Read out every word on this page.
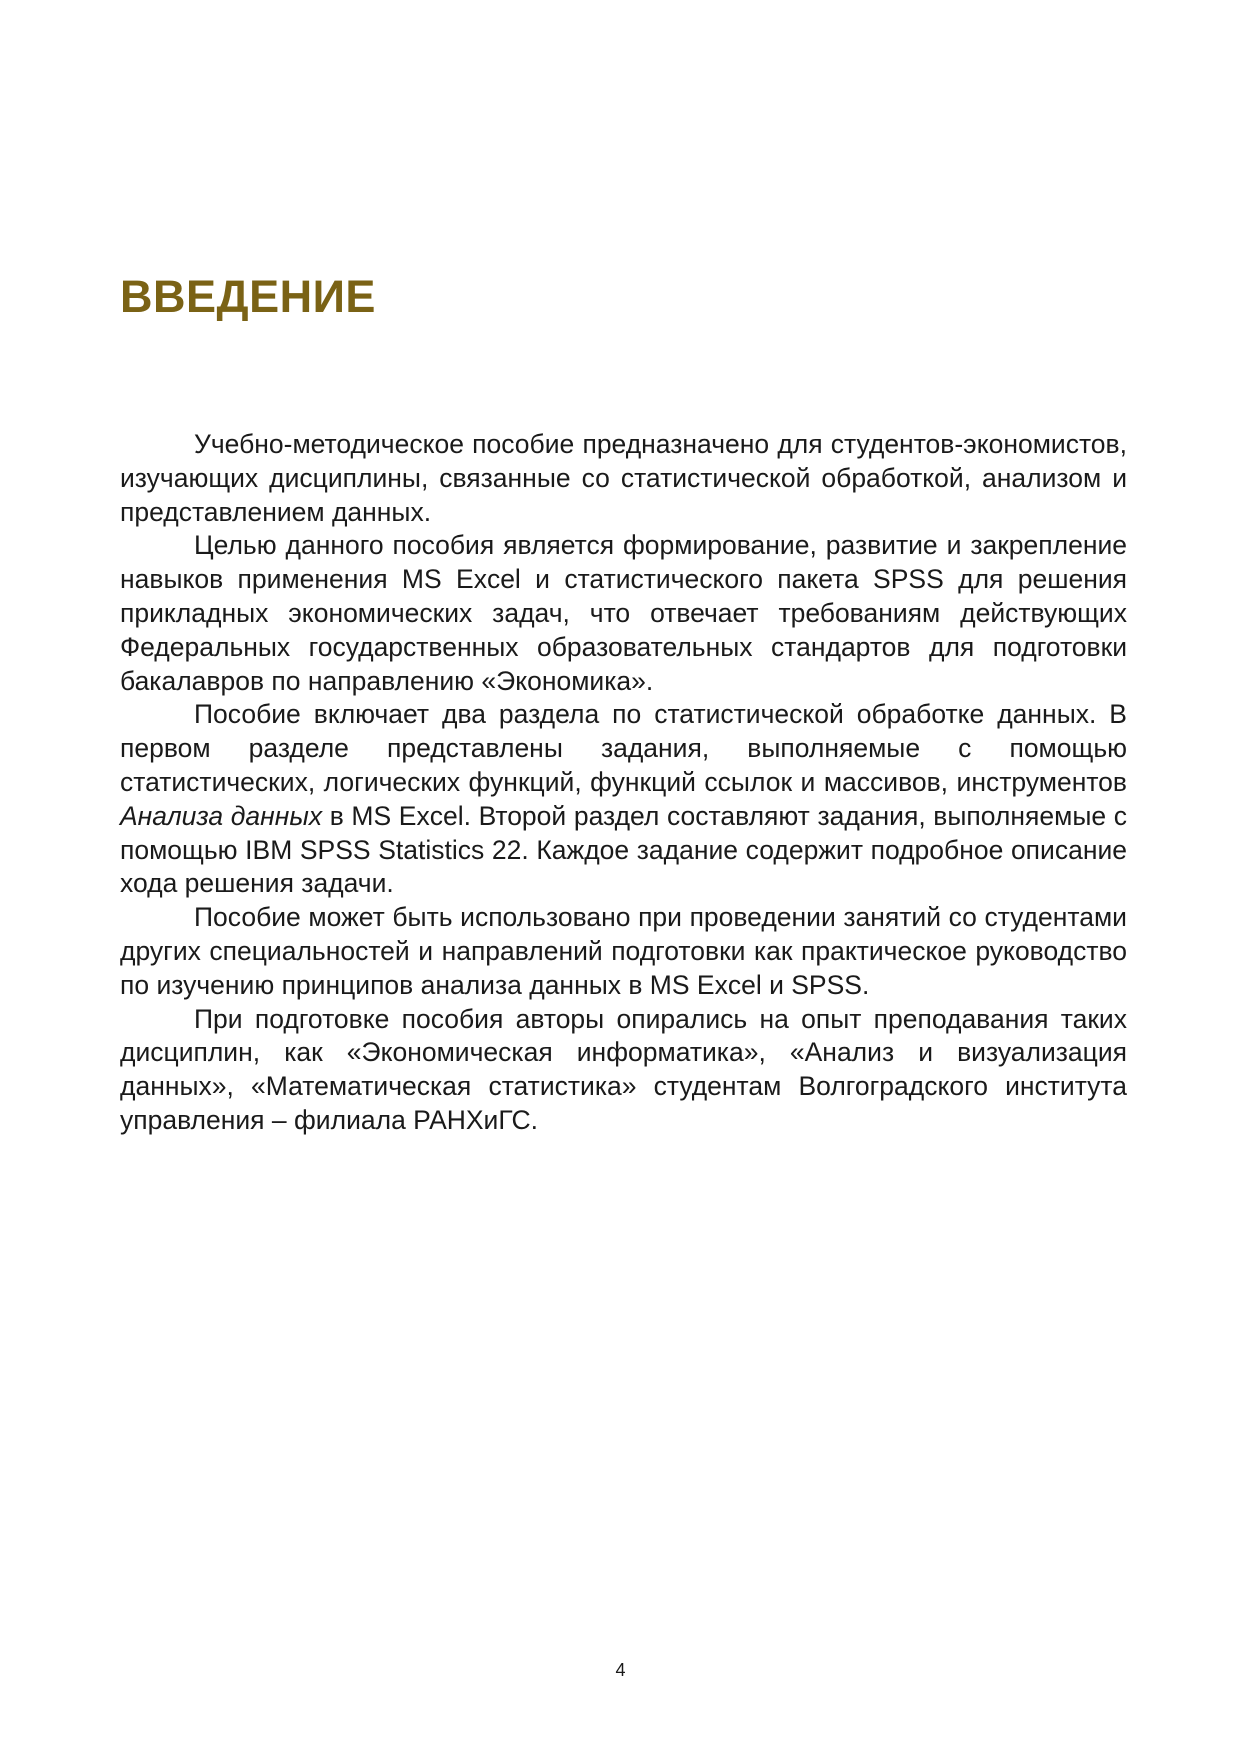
ВВЕДЕНИЕ

Учебно-методическое пособие предназначено для студентов-экономистов, изучающих дисциплины, связанные со статистической обработкой, анализом и представлением данных.

Целью данного пособия является формирование, развитие и закрепление навыков применения MS Excel и статистического пакета SPSS для решения прикладных экономических задач, что отвечает требованиям действующих Федеральных государственных образовательных стандартов для подготовки бакалавров по направлению «Экономика».

Пособие включает два раздела по статистической обработке данных. В первом разделе представлены задания, выполняемые с помощью статистических, логических функций, функций ссылок и массивов, инструментов Анализа данных в MS Excel. Второй раздел составляют задания, выполняемые с помощью IBM SPSS Statistics 22. Каждое задание содержит подробное описание хода решения задачи.

Пособие может быть использовано при проведении занятий со студентами других специальностей и направлений подготовки как практическое руководство по изучению принципов анализа данных в MS Excel и SPSS.

При подготовке пособия авторы опирались на опыт преподавания таких дисциплин, как «Экономическая информатика», «Анализ и визуализация данных», «Математическая статистика» студентам Волгоградского института управления – филиала РАНХиГС.

4
